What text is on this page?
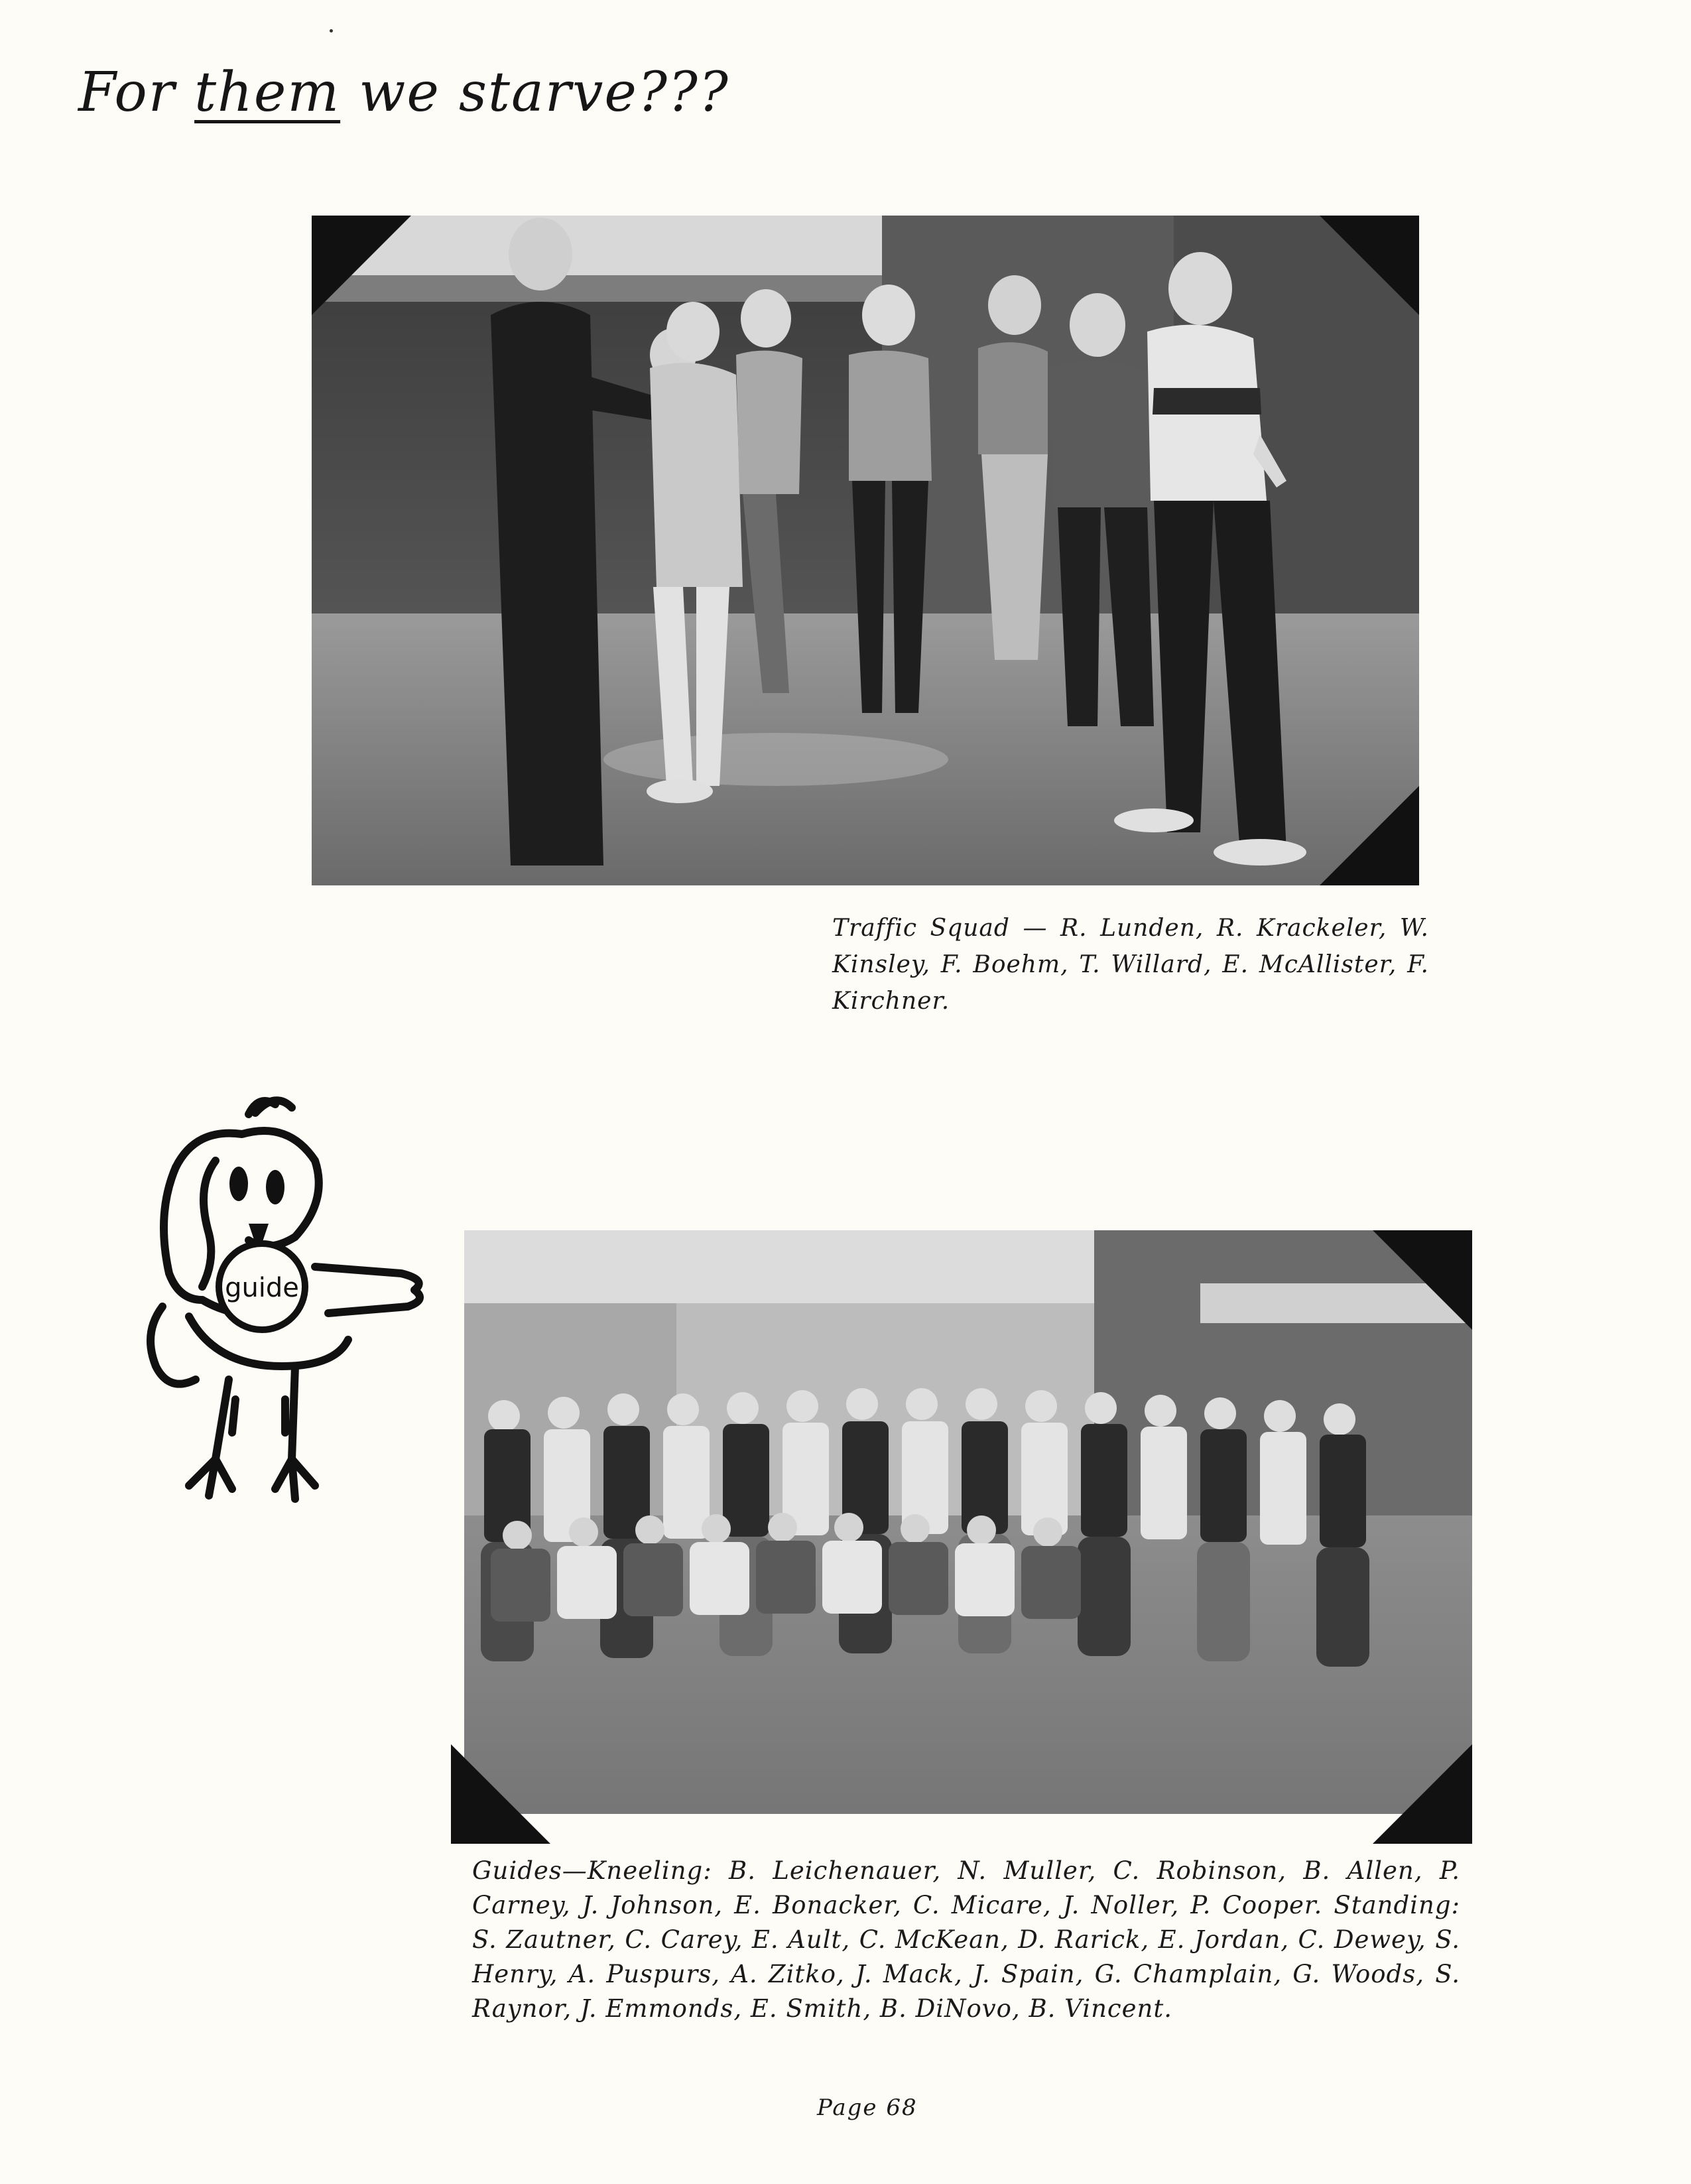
For them we starve???
Traffic Squad — R. Lunden, R. Krackeler, W. Kinsley, F. Boehm, T. Willard, E. McAllister, F. Kirchner.
guide
Guides—Kneeling: B. Leichenauer, N. Muller, C. Robinson, B. Allen, P. Carney, J. Johnson, E. Bonacker, C. Micare, J. Noller, P. Cooper. Standing: S. Zautner, C. Carey, E. Ault, C. McKean, D. Rarick, E. Jordan, C. Dewey, S. Henry, A. Puspurs, A. Zitko, J. Mack, J. Spain, G. Champlain, G. Woods, S. Raynor, J. Emmonds, E. Smith, B. DiNovo, B. Vincent.
Page 68
